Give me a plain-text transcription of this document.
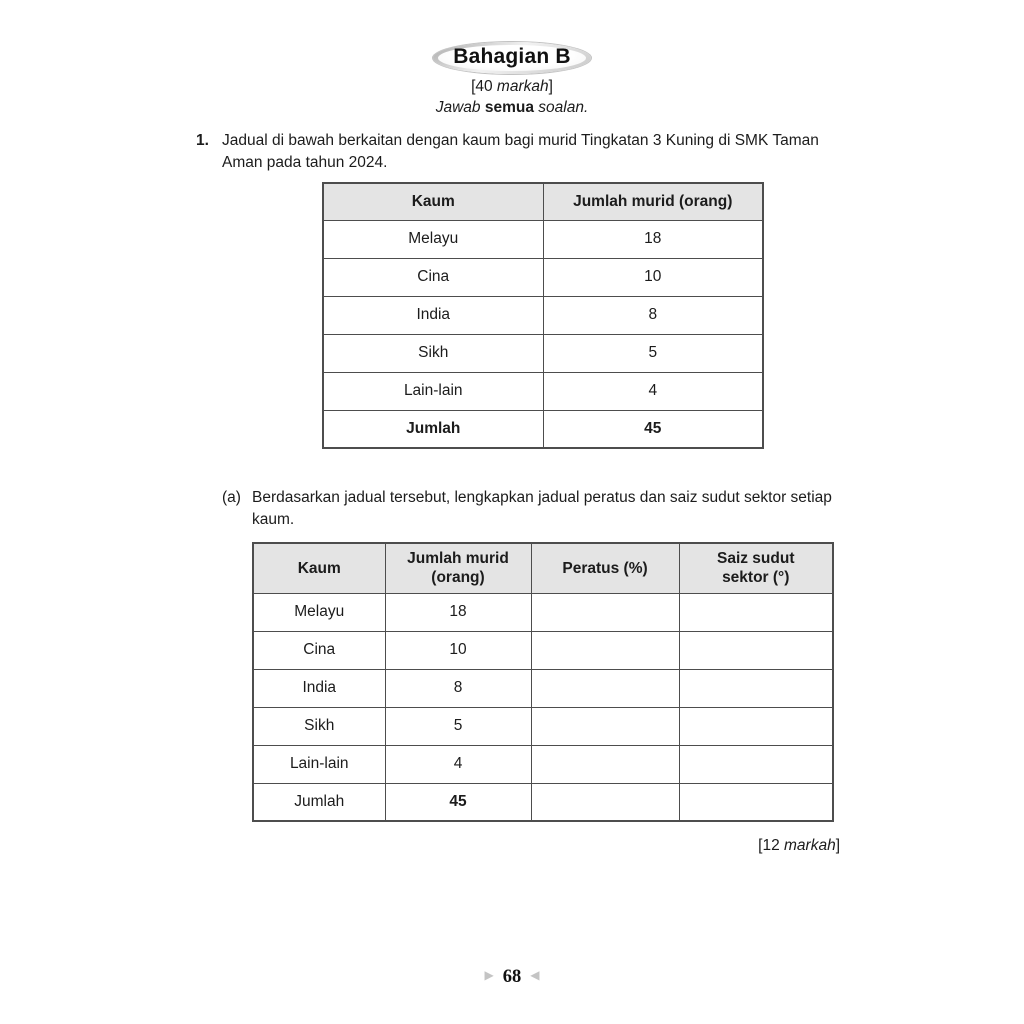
Bahagian B
[40 markah]
Jawab semua soalan.
1. Jadual di bawah berkaitan dengan kaum bagi murid Tingkatan 3 Kuning di SMK Taman Aman pada tahun 2024.
Kaum	Jumlah murid (orang)
Melayu	18
Cina	10
India	8
Sikh	5
Lain-lain	4
Jumlah	45
(a) Berdasarkan jadual tersebut, lengkapkan jadual peratus dan saiz sudut sektor setiap kaum.
Kaum	Jumlah murid (orang)	Peratus (%)	Saiz sudut sektor (°)
Melayu	18		
Cina	10		
India	8		
Sikh	5		
Lain-lain	4		
Jumlah	45		
[12 markah]
▶ 68 ◀
